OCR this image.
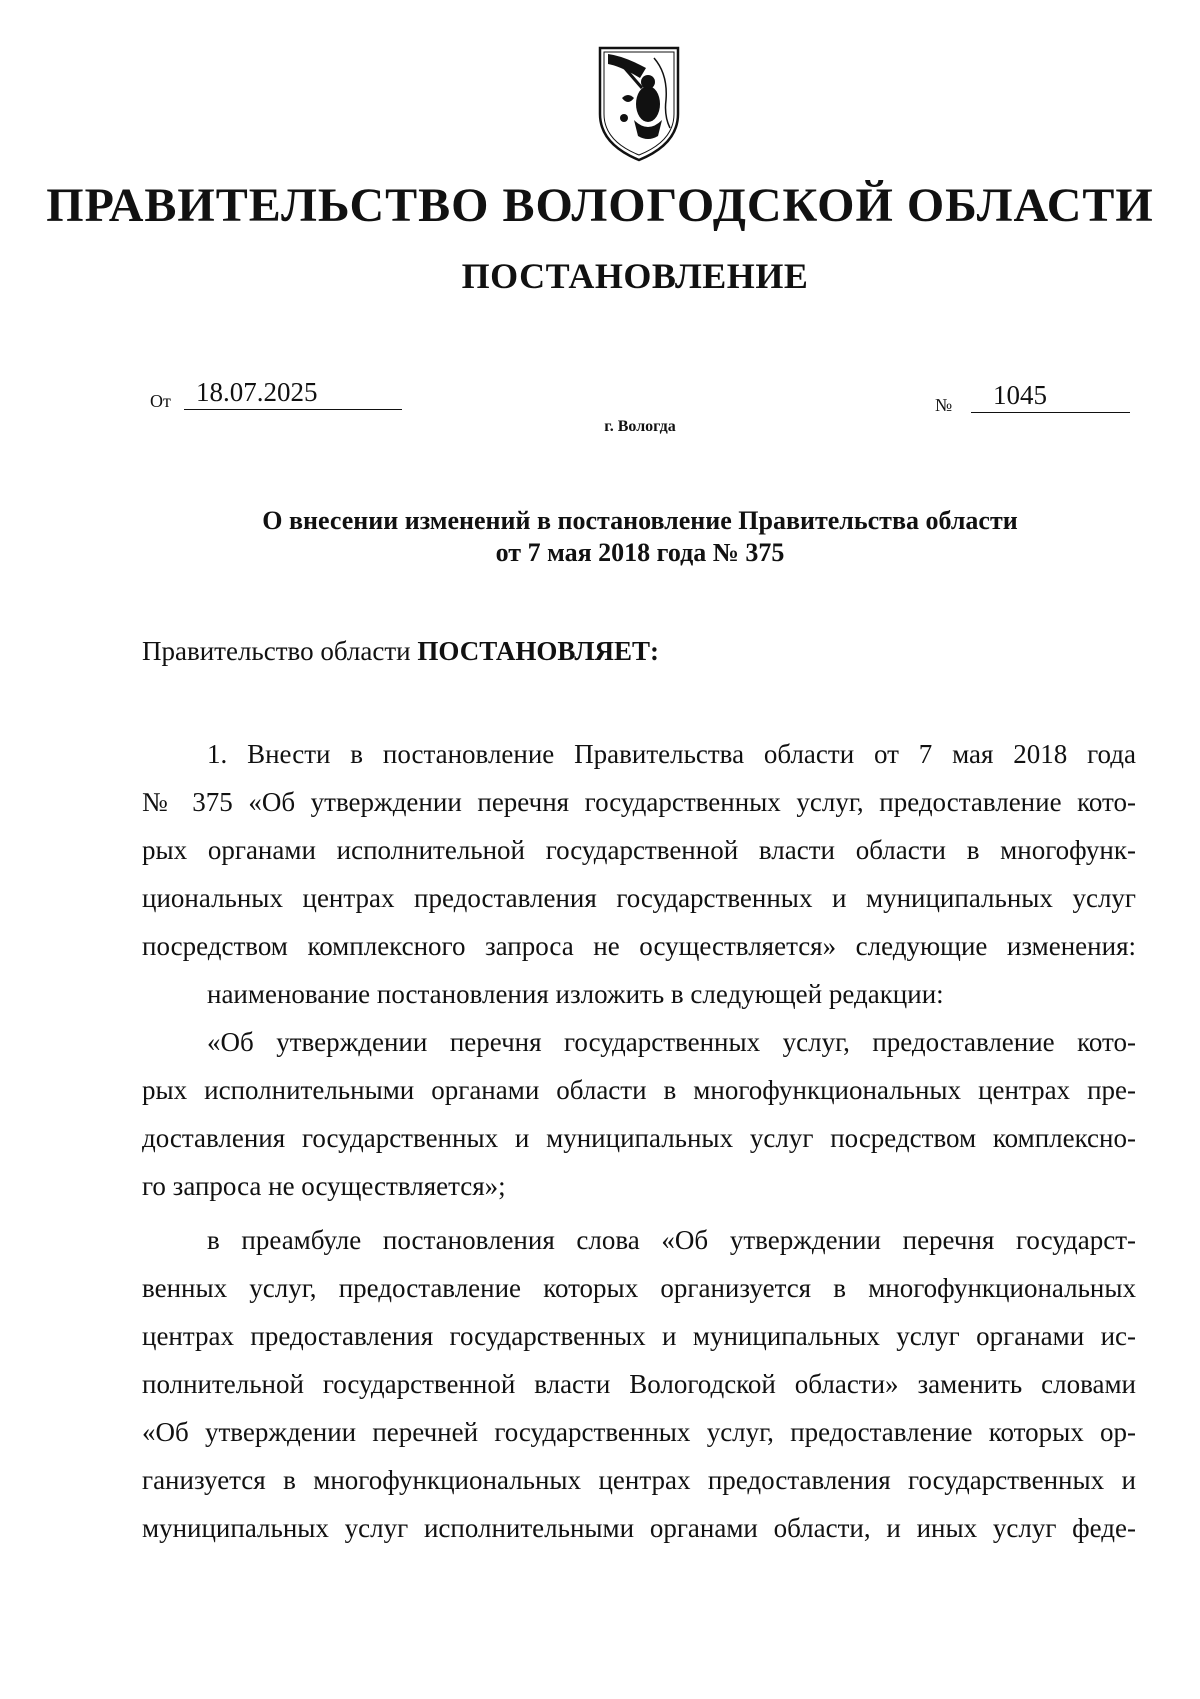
ПРАВИТЕЛЬСТВО ВОЛОГОДСКОЙ ОБЛАСТИ
ПОСТАНОВЛЕНИЕ
От 18.07.2025	№	1045
г. Вологда
О внесении изменений в постановление Правительства области
от 7 мая 2018 года № 375
Правительство области ПОСТАНОВЛЯЕТ:
1. Внести в постановление Правительства области от 7 мая 2018 года
№ 375 «Об утверждении перечня государственных услуг, предоставление кото-
рых органами исполнительной государственной власти области в многофунк-
циональных центрах предоставления государственных и муниципальных услуг
посредством комплексного запроса не осуществляется» следующие изменения:
наименование постановления изложить в следующей редакции:
«Об утверждении перечня государственных услуг, предоставление кото-
рых исполнительными органами области в многофункциональных центрах пре-
доставления государственных и муниципальных услуг посредством комплексно-
го запроса не осуществляется»;
в преамбуле постановления слова «Об утверждении перечня государст-
венных услуг, предоставление которых организуется в многофункциональных
центрах предоставления государственных и муниципальных услуг органами ис-
полнительной государственной власти Вологодской области» заменить словами
«Об утверждении перечней государственных услуг, предоставление которых ор-
ганизуется в многофункциональных центрах предоставления государственных и
муниципальных услуг исполнительными органами области, и иных услуг феде-
